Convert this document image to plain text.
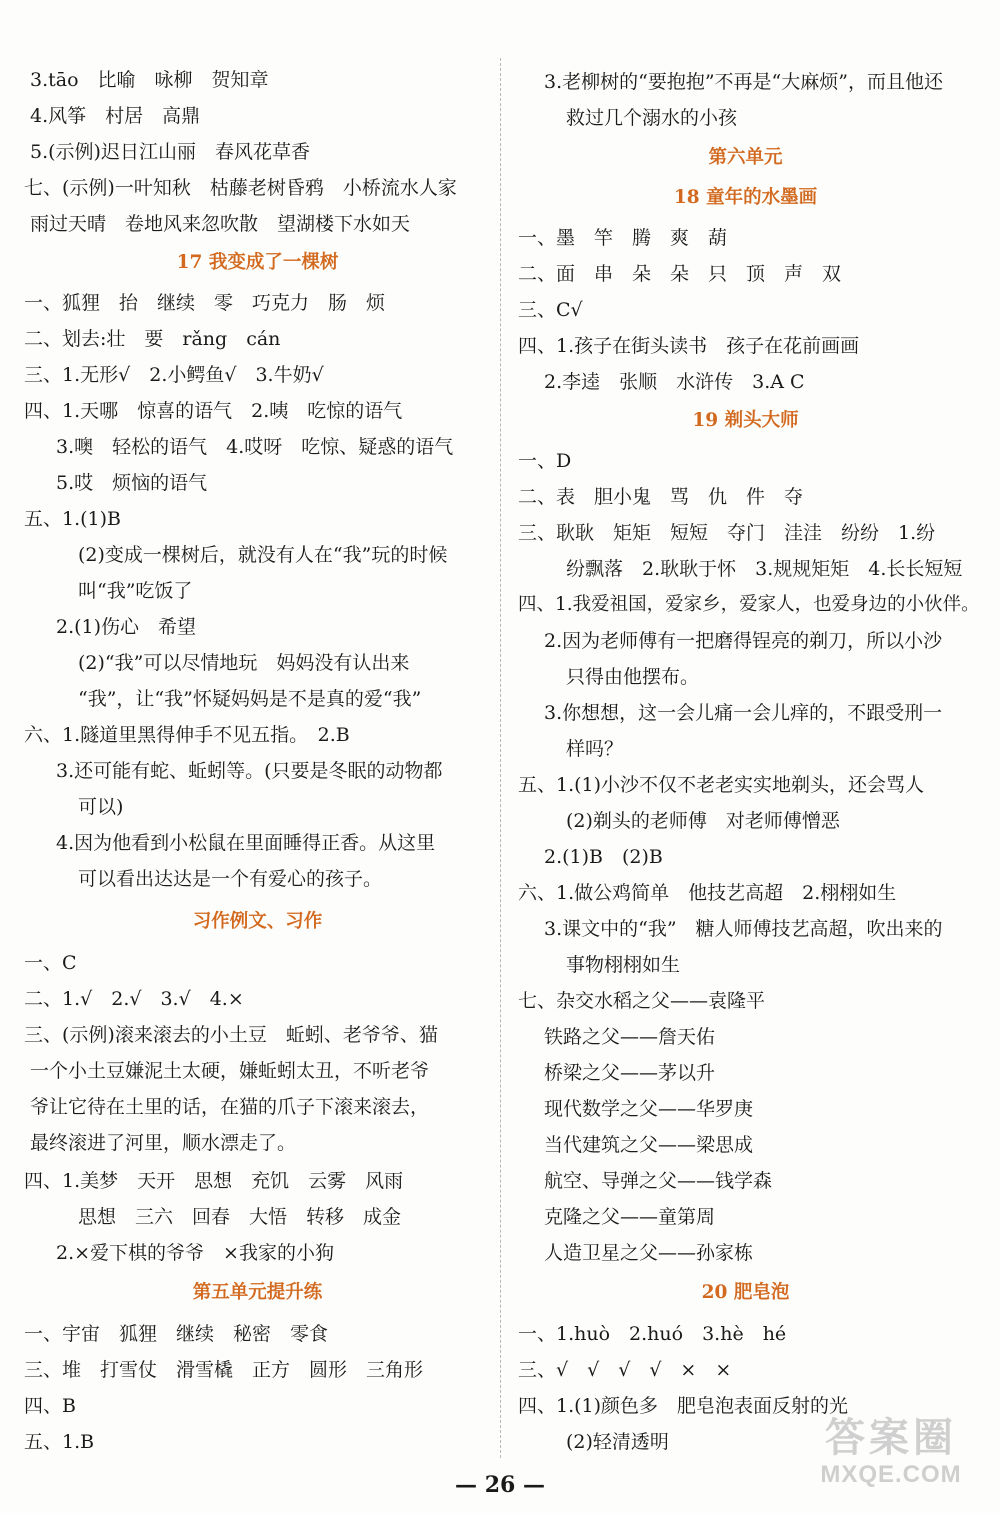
3.tāo　比喻　咏柳　贺知章
4.风筝　村居　高鼎
5.(示例)迟日江山丽　春风花草香
七、(示例)一叶知秋　枯藤老树昏鸦　小桥流水人家
雨过天晴　卷地风来忽吹散　望湖楼下水如天
17 我变成了一棵树
一、狐狸　抬　继续　零　巧克力　肠　烦
二、划去:壮　要　rǎng　cán
三、1.无形√　2.小鳄鱼√　3.牛奶√
四、1.天哪　惊喜的语气　2.咦　吃惊的语气
3.噢　轻松的语气　4.哎呀　吃惊、疑惑的语气
5.哎　烦恼的语气
五、1.(1)B
(2)变成一棵树后，就没有人在“我”玩的时候
叫“我”吃饭了
2.(1)伤心　希望
(2)“我”可以尽情地玩　妈妈没有认出来
“我”，让“我”怀疑妈妈是不是真的爱“我”
六、1.隧道里黑得伸手不见五指。　2.B
3.还可能有蛇、蚯蚓等。(只要是冬眠的动物都
可以)
4.因为他看到小松鼠在里面睡得正香。从这里
可以看出达达是一个有爱心的孩子。
习作例文、习作
一、C
二、1.√　2.√　3.√　4.×
三、(示例)滚来滚去的小土豆　蚯蚓、老爷爷、猫
一个小土豆嫌泥土太硬，嫌蚯蚓太丑，不听老爷
爷让它待在土里的话，在猫的爪子下滚来滚去，
最终滚进了河里，顺水漂走了。
四、1.美梦　天开　思想　充饥　云雾　风雨
思想　三六　回春　大悟　转移　成金
2.×爱下棋的爷爷　×我家的小狗
第五单元提升练
一、宇宙　狐狸　继续　秘密　零食
三、堆　打雪仗　滑雪橇　正方　圆形　三角形
四、B
五、1.B
3.老柳树的“要抱抱”不再是“大麻烦”，而且他还
救过几个溺水的小孩
第六单元
18 童年的水墨画
一、墨　竿　腾　爽　葫
二、面　串　朵　朵　只　顶　声　双
三、C√
四、1.孩子在街头读书　孩子在花前画画
2.李逵　张顺　水浒传　3.A C
19 剃头大师
一、D
二、表　胆小鬼　骂　仇　件　夺
三、耿耿　矩矩　短短　夺门　洼洼　纷纷　1.纷
纷飘落　2.耿耿于怀　3.规规矩矩　4.长长短短
四、1.我爱祖国，爱家乡，爱家人，也爱身边的小伙伴。
2.因为老师傅有一把磨得锃亮的剃刀，所以小沙
只得由他摆布。
3.你想想，这一会儿痛一会儿痒的，不跟受刑一
样吗？
五、1.(1)小沙不仅不老老实实地剃头，还会骂人
(2)剃头的老师傅　对老师傅憎恶
2.(1)B　(2)B
六、1.做公鸡简单　他技艺高超　2.栩栩如生
3.课文中的“我”　糖人师傅技艺高超，吹出来的
事物栩栩如生
七、杂交水稻之父——袁隆平
铁路之父——詹天佑
桥梁之父——茅以升
现代数学之父——华罗庚
当代建筑之父——梁思成
航空、导弹之父——钱学森
克隆之父——童第周
人造卫星之父——孙家栋
20 肥皂泡
一、1.huò　2.huó　3.hè　hé
三、√　√　√　√　×　×
四、1.(1)颜色多　肥皂泡表面反射的光
(2)轻清透明
— 26 —
答案圈
MXQE.COM
